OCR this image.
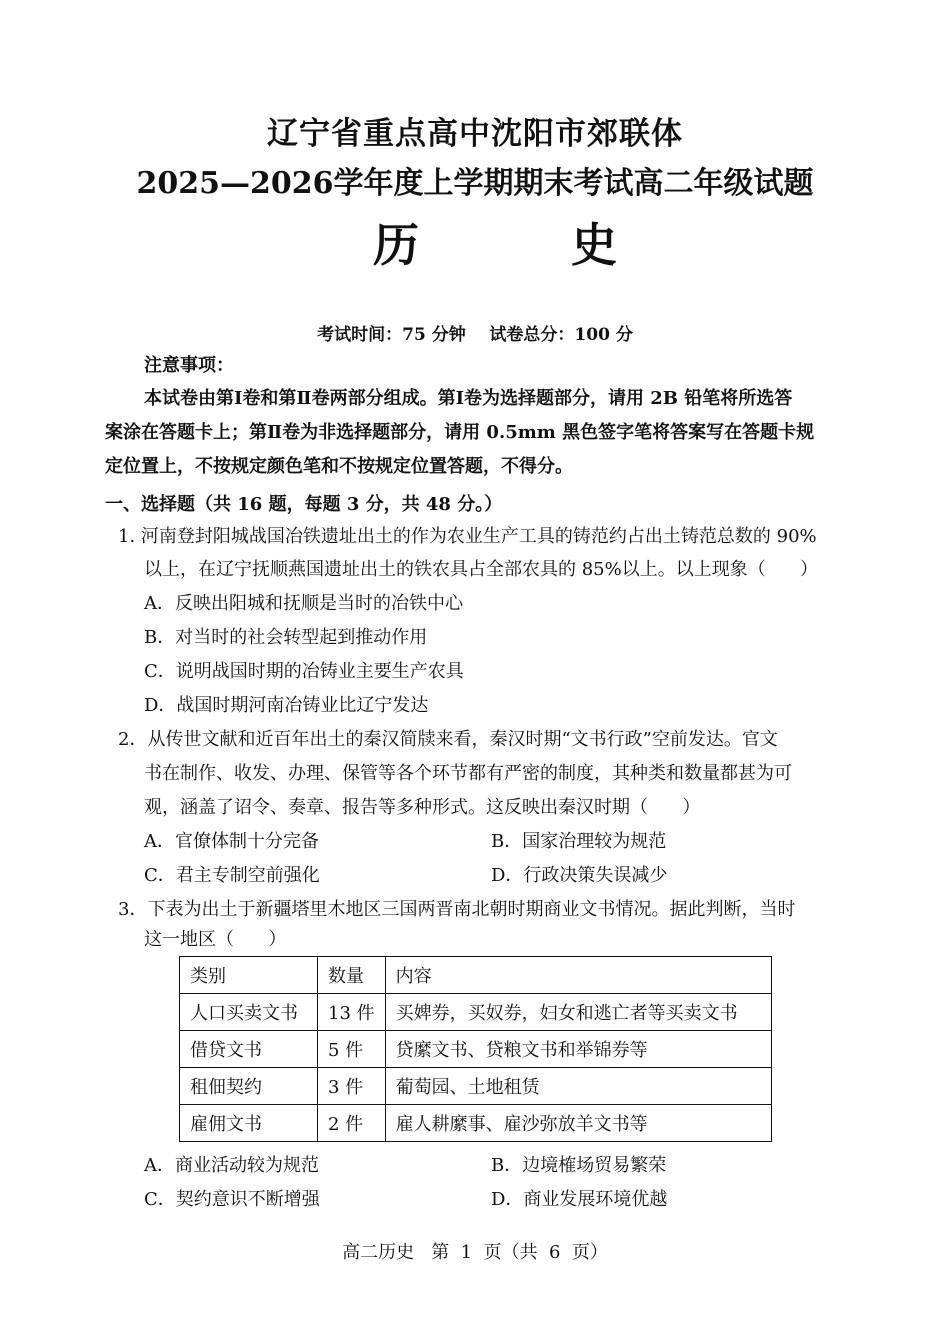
辽宁省重点高中沈阳市郊联体
2025—2026学年度上学期期末考试高二年级试题
历  史
考试时间：75 分钟    试卷总分：100 分
注意事项：
本试卷由第Ⅰ卷和第Ⅱ卷两部分组成。第Ⅰ卷为选择题部分，请用 2B 铅笔将所选答
案涂在答题卡上；第Ⅱ卷为非选择题部分，请用 0.5mm 黑色签字笔将答案写在答题卡规
定位置上，不按规定颜色笔和不按规定位置答题，不得分。
一、选择题（共 16 题，每题 3 分，共 48 分。）
1. 河南登封阳城战国冶铁遗址出土的作为农业生产工具的铸范约占出土铸范总数的 90%
以上，在辽宁抚顺燕国遗址出土的铁农具占全部农具的 85%以上。以上现象（      ）
A．反映出阳城和抚顺是当时的冶铁中心
B．对当时的社会转型起到推动作用
C．说明战国时期的冶铸业主要生产农具
D．战国时期河南冶铸业比辽宁发达
2．从传世文献和近百年出土的秦汉简牍来看，秦汉时期“文书行政”空前发达。官文
书在制作、收发、办理、保管等各个环节都有严密的制度，其种类和数量都甚为可
观，涵盖了诏令、奏章、报告等多种形式。这反映出秦汉时期（      ）
A．官僚体制十分完备	B．国家治理较为规范
C．君主专制空前强化	D．行政决策失误减少
3．下表为出土于新疆塔里木地区三国两晋南北朝时期商业文书情况。据此判断，当时
这一地区（      ）
类别	数量	内容
人口买卖文书	13 件	买婢券，买奴券，妇女和逃亡者等买卖文书
借贷文书	5 件	贷縻文书、贷粮文书和举锦券等
租佃契约	3 件	葡萄园、土地租赁
雇佣文书	2 件	雇人耕縻事、雇沙弥放羊文书等
A．商业活动较为规范	B．边境榷场贸易繁荣
C．契约意识不断增强	D．商业发展环境优越
高二历史   第  1  页（共  6  页）
